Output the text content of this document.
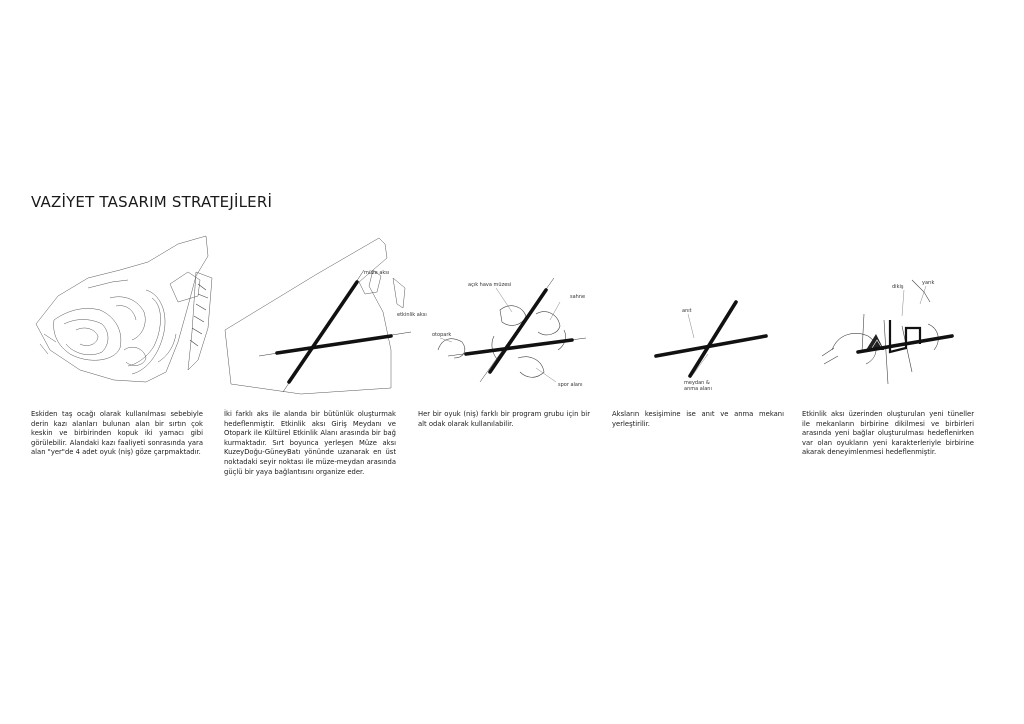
VAZİYET TASARIM STRATEJİLERİ

Eskiden taş ocağı olarak kullanılması sebebiyle derin kazı alanları bulunan alan bir sırtın çok keskin ve birbirinden kopuk iki yamacı gibi görülebilir. Alandaki kazı faaliyeti sonrasında yara alan "yer"de 4 adet oyuk (niş) göze çarpmaktadır.

müze aksı
etkinlik aksı

İki farklı aks ile alanda bir bütünlük oluşturmak hedeflenmiştir. Etkinlik aksı Giriş Meydanı ve Otopark ile Kültürel Etkinlik Alanı arasında bir bağ kurmaktadır. Sırt boyunca yerleşen Müze aksı KuzeyDoğu-GüneyBatı yönünde uzanarak en üst noktadaki seyir noktası ile müze-meydan arasında güçlü bir yaya bağlantısını organize eder.

açık hava müzesi
sahne
otopark
spor alanı

Her bir oyuk (niş) farklı bir program grubu için bir alt odak olarak kullanılabilir.

anıt
meydan &
anma alanı

Aksların kesişimine ise anıt ve anma mekanı yerleştirilir.

dikiş
yarık

Etkinlik aksı üzerinden oluşturulan yeni tüneller ile mekanların birbirine dikilmesi ve birbirleri arasında yeni bağlar oluşturulması hedeflenirken var olan oyukların yeni karakterleriyle birbirine akarak deneyimlenmesi hedeflenmiştir.
